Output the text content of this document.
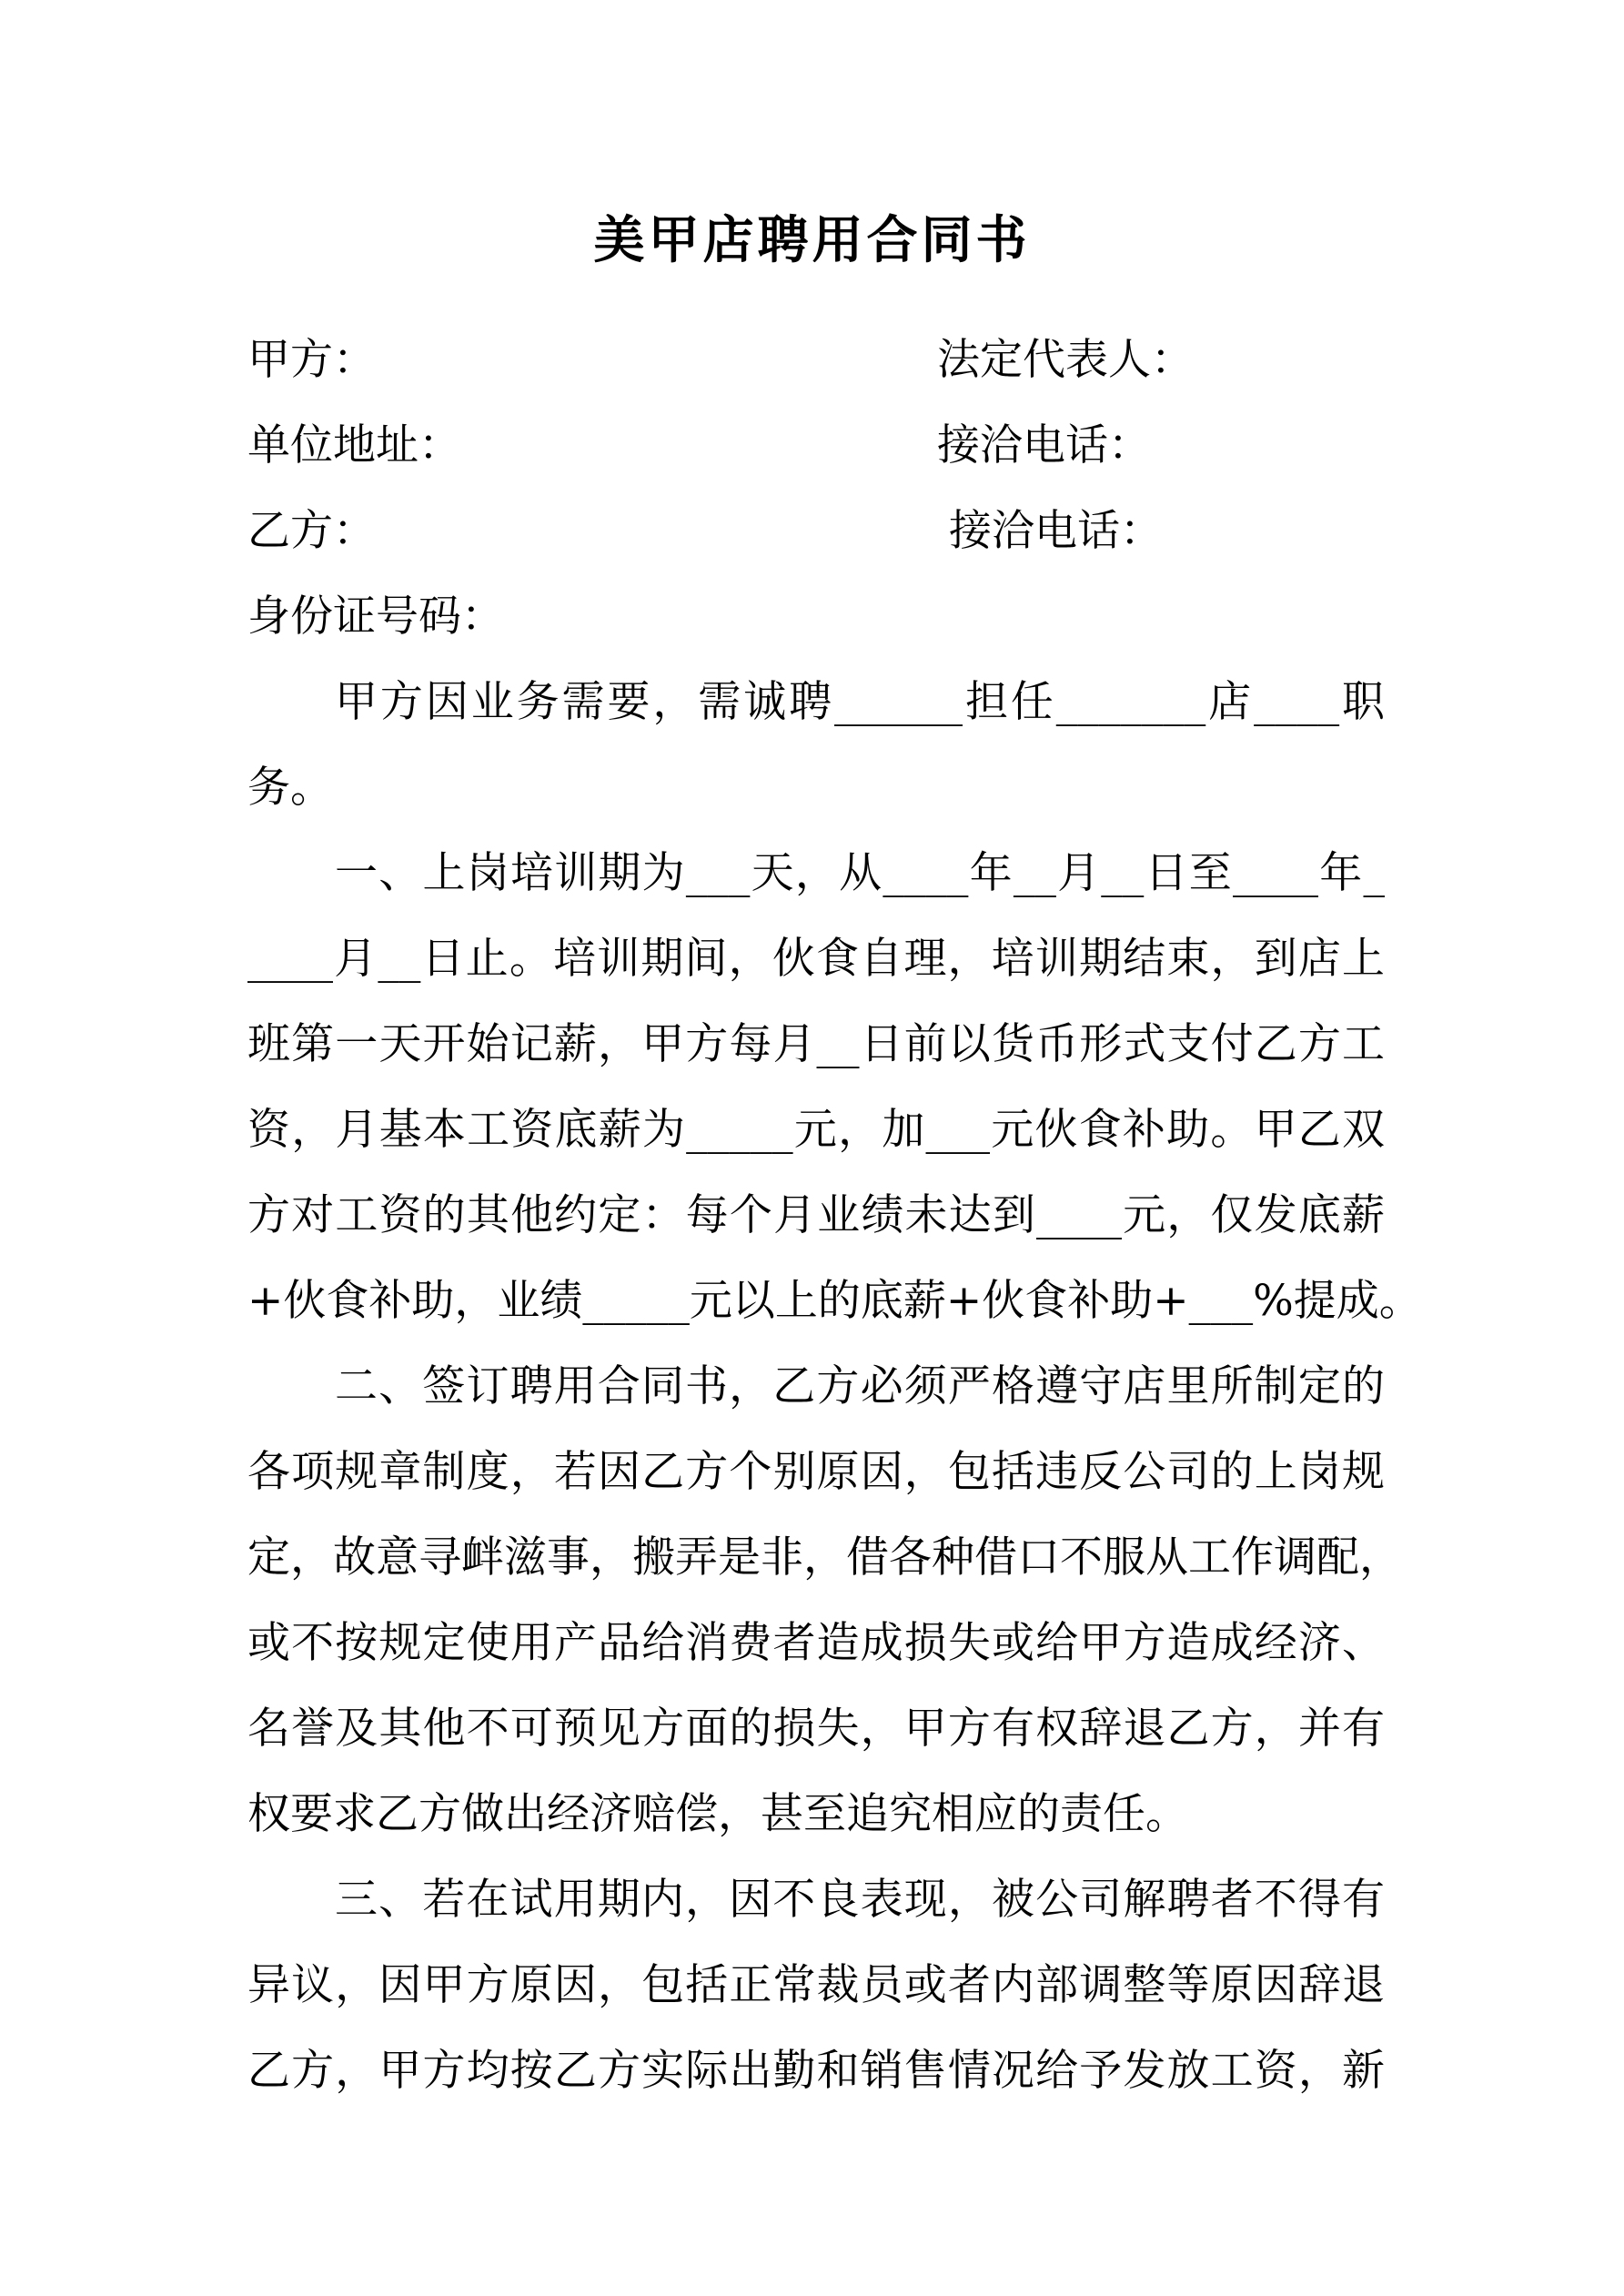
美甲店聘用合同书
甲方：	法定代表人：
单位地址：	接洽电话：
乙方：	接洽电话：
身份证号码：
甲方因业务需要，需诚聘______担任_______店____职
务。
一、上岗培训期为___天，从____年__月__日至____年_
____月__日止。培训期间，伙食自理，培训期结束，到店上
班第一天开始记薪，甲方每月__日前以货币形式支付乙方工
资，月基本工资底薪为_____元，加___元伙食补助。甲乙双
方对工资的其他约定：每个月业绩未达到____元，仅发底薪
+伙食补助，业绩_____元以上的底薪+伙食补助+___%提成。
二、签订聘用合同书，乙方必须严格遵守店里所制定的
各项规章制度，若因乙方个别原因，包括违反公司的上岗规
定，故意寻衅滋事，搬弄是非，借各种借口不服从工作调配，
或不按规定使用产品给消费者造成损失或给甲方造成经济、
名誉及其他不可预见方面的损失，甲方有权辞退乙方，并有
权要求乙方做出经济赔偿，甚至追究相应的责任。
三、若在试用期内，因不良表现，被公司解聘者不得有
异议，因甲方原因，包括正常裁员或者内部调整等原因辞退
乙方，甲方均按乙方实际出勤和销售情况给予发放工资，新
